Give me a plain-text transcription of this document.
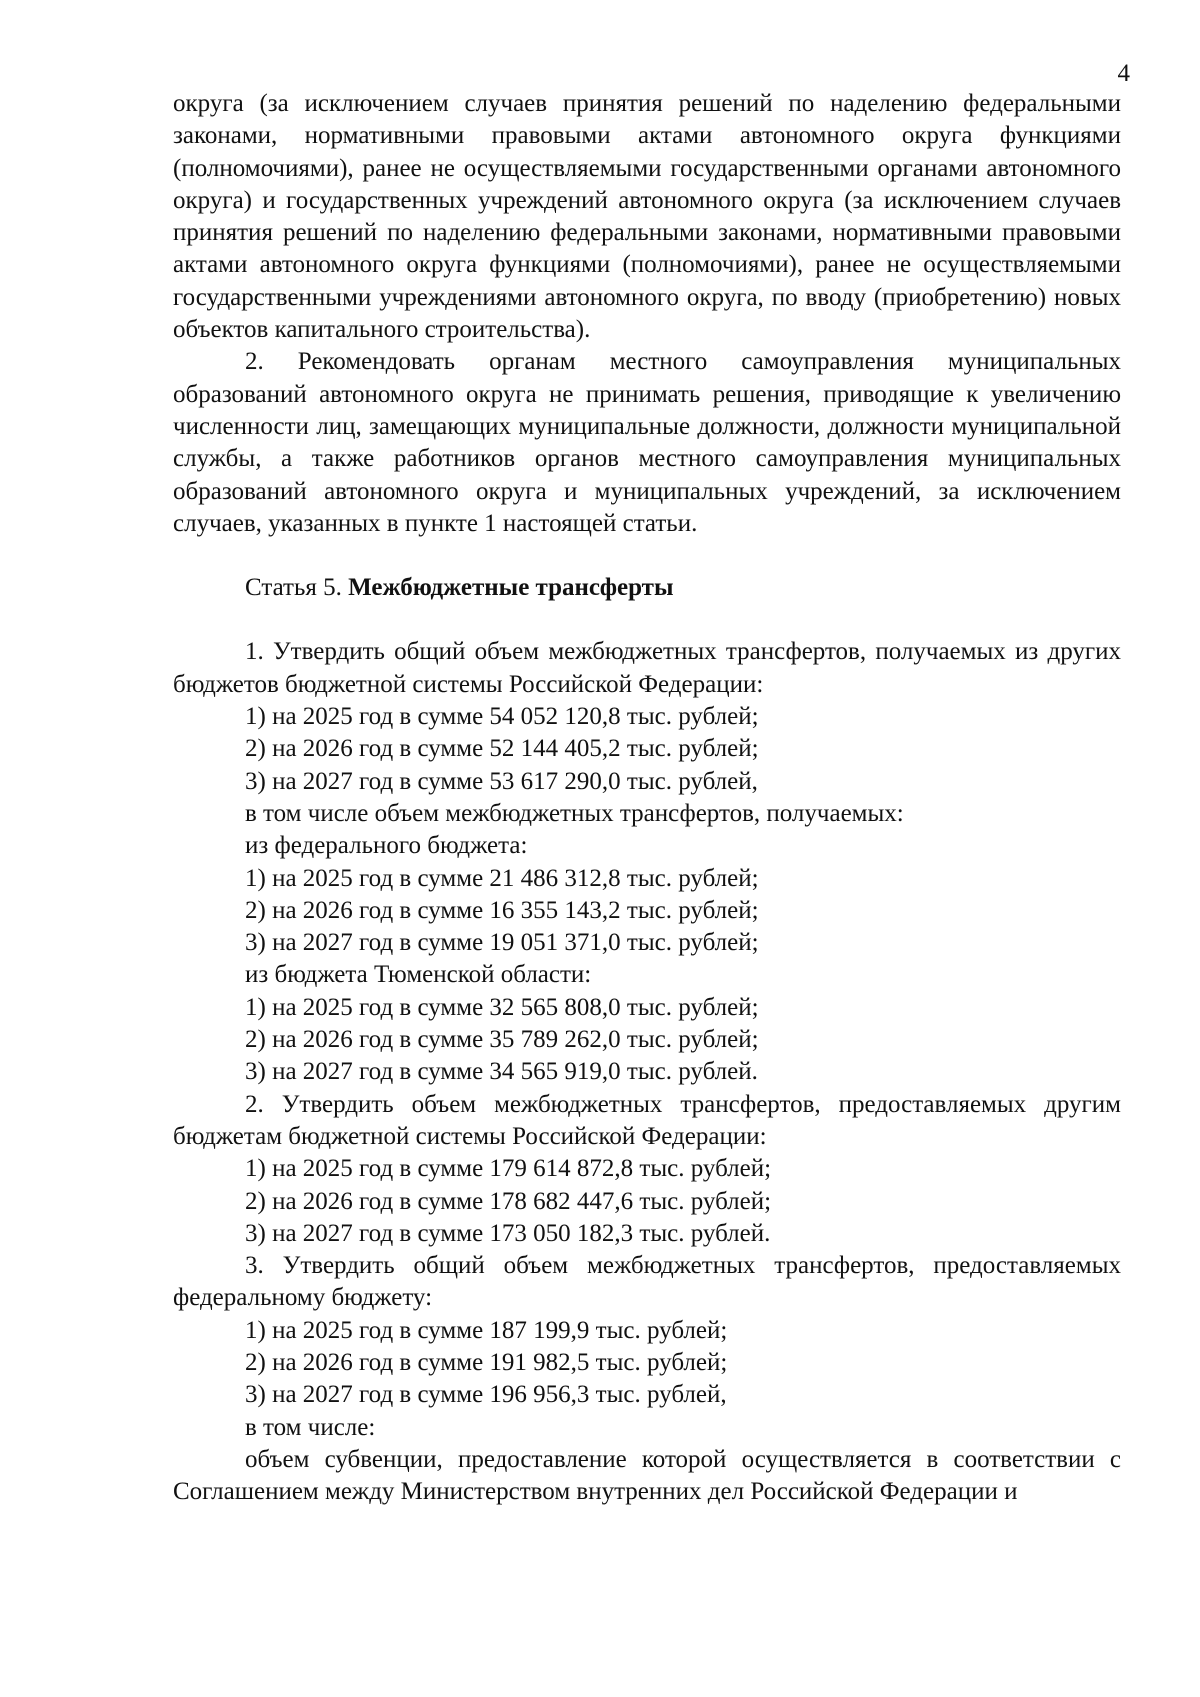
4

округа (за исключением случаев принятия решений по наделению федеральными законами, нормативными правовыми актами автономного округа функциями (полномочиями), ранее не осуществляемыми государственными органами автономного округа) и государственных учреждений автономного округа (за исключением случаев принятия решений по наделению федеральными законами, нормативными правовыми актами автономного округа функциями (полномочиями), ранее не осуществляемыми государственными учреждениями автономного округа, по вводу (приобретению) новых объектов капитального строительства).

2. Рекомендовать органам местного самоуправления муниципальных образований автономного округа не принимать решения, приводящие к увеличению численности лиц, замещающих муниципальные должности, должности муниципальной службы, а также работников органов местного самоуправления муниципальных образований автономного округа и муниципальных учреждений, за исключением случаев, указанных в пункте 1 настоящей статьи.

Статья 5. Межбюджетные трансферты

1. Утвердить общий объем межбюджетных трансфертов, получаемых из других бюджетов бюджетной системы Российской Федерации:

1) на 2025 год в сумме 54 052 120,8 тыс. рублей;
2) на 2026 год в сумме 52 144 405,2 тыс. рублей;
3) на 2027 год в сумме 53 617 290,0 тыс. рублей,
в том числе объем межбюджетных трансфертов, получаемых:
из федерального бюджета:
1) на 2025 год в сумме 21 486 312,8 тыс. рублей;
2) на 2026 год в сумме 16 355 143,2 тыс. рублей;
3) на 2027 год в сумме 19 051 371,0 тыс. рублей;
из бюджета Тюменской области:
1) на 2025 год в сумме 32 565 808,0 тыс. рублей;
2) на 2026 год в сумме 35 789 262,0 тыс. рублей;
3) на 2027 год в сумме 34 565 919,0 тыс. рублей.

2. Утвердить объем межбюджетных трансфертов, предоставляемых другим бюджетам бюджетной системы Российской Федерации:

1) на 2025 год в сумме 179 614 872,8 тыс. рублей;
2) на 2026 год в сумме 178 682 447,6 тыс. рублей;
3) на 2027 год в сумме 173 050 182,3 тыс. рублей.

3. Утвердить общий объем межбюджетных трансфертов, предоставляемых федеральному бюджету:

1) на 2025 год в сумме 187 199,9 тыс. рублей;
2) на 2026 год в сумме 191 982,5 тыс. рублей;
3) на 2027 год в сумме 196 956,3 тыс. рублей,
в том числе:

объем субвенции, предоставление которой осуществляется в соответствии с Соглашением между Министерством внутренних дел Российской Федерации и
